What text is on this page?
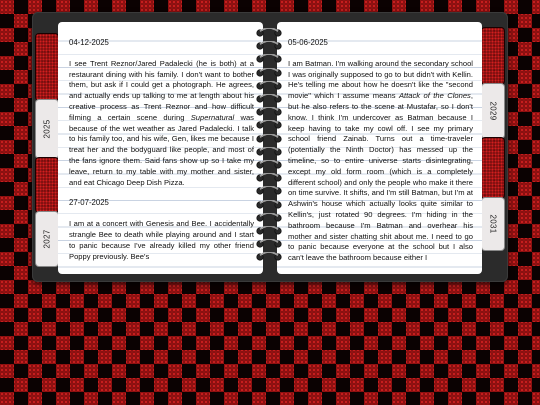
2025
2027
2029
2031
04-12-2025

I see Trent Reznor/Jared Padalecki (he is both) at a restaurant dining with his family. I don't want to bother them, but ask if I could get a photograph. He agrees, and actually ends up talking to me at length about his creative process as Trent Reznor and how difficult filming a certain scene during Supernatural was because of the wet weather as Jared Padalecki. I talk to his family too, and his wife, Gen, likes me because I treat her and the bodyguard like people, and most of the fans ignore them. Said fans show up so I take my leave, return to my table with my mother and sister, and eat Chicago Deep Dish Pizza.

27-07-2025

I am at a concert with Genesis and Bee. I accidentally strangle Bee to death while playing around and I start to panic because I've already killed my other friend Poppy previously. Bee's

05-06-2025

I am Batman. I'm walking around the secondary school I was originally supposed to go to but didn't with Kellin. He's telling me about how he doesn't like the "second movie" which I assume means Attack of the Clones, but he also refers to the scene at Mustafar, so I don't know. I think I'm undercover as Batman because I keep having to take my cowl off. I see my primary school friend Zainab. Turns out a time-traveler (potentially the Ninth Doctor) has messed up the timeline, so to entire universe starts disintegrating, except my old form room (which is a completely different school) and only the people who make it there on time survive. It shifts, and I'm still Batman, but I'm at Ashwin's house which actually looks quite similar to Kellin's, just rotated 90 degrees. I'm hiding in the bathroom because I'm Batman and overhear his mother and sister chatting shit about me. I need to go to panic because everyone at the school but I also can't leave the bathroom because either I
